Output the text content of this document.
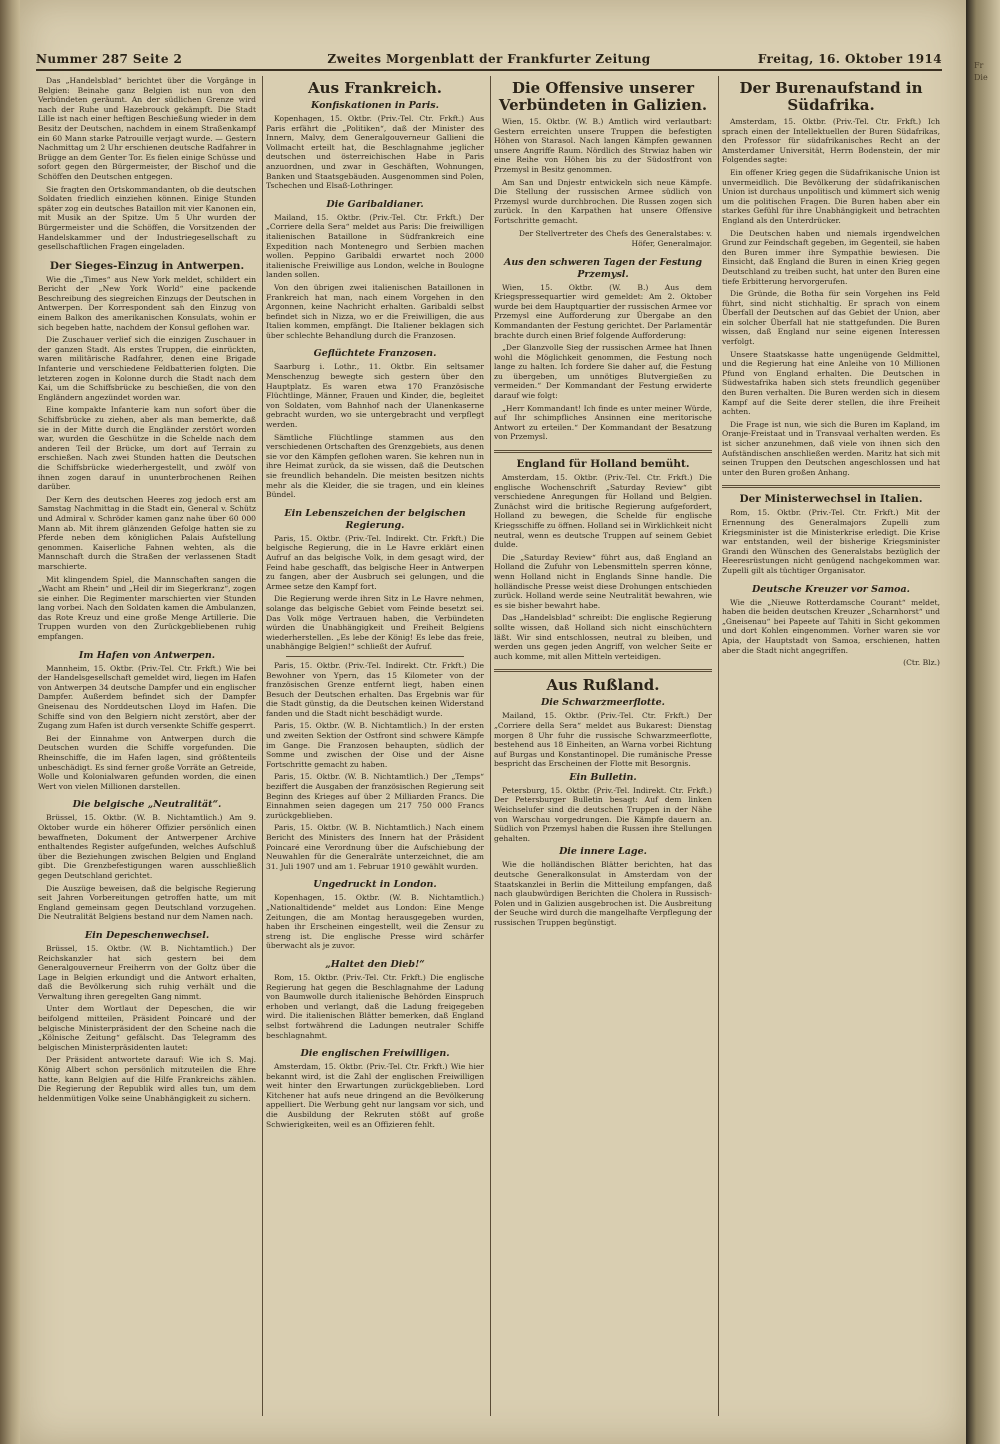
Fr Die
Nummer 287 Seite 2	Zweites Morgenblatt der Frankfurter Zeitung	Freitag, 16. Oktober 1914

Das „Handelsblad“ berichtet über die Vorgänge in Belgien: Beinahe ganz Belgien ist nun von den Verbündeten geräumt. An der südlichen Grenze wird nach der Ruhe und Hazebrouck gekämpft. Die Stadt Lille ist nach einer heftigen Beschießung wieder in dem Besitz der Deutschen, nachdem in einem Straßenkampf ein 60 Mann starke Patrouille verjagt wurde. — Gestern Nachmittag um 2 Uhr erschienen deutsche Radfahrer in Brügge an dem Genter Tor. Es fielen einige Schüsse und sofort gegen den Bürgermeister, der Bischof und die Schöffen den Deutschen entgegen.

Sie fragten den Ortskommandanten, ob die deutschen Soldaten friedlich einziehen können. Einige Stunden später zog ein deutsches Bataillon mit vier Kanonen ein, mit Musik an der Spitze. Um 5 Uhr wurden der Bürgermeister und die Schöffen, die Vorsitzenden der Handelskammer und der Industriegesellschaft zu gesellschaftlichen Fragen eingeladen.

Der Sieges-Einzug in Antwerpen.

Wie die „Times“ aus New York meldet, schildert ein Bericht der „New York World“ eine packende Beschreibung des siegreichen Einzugs der Deutschen in Antwerpen. Der Korrespondent sah den Einzug von einem Balkon des amerikanischen Konsulats, wohin er sich begeben hatte, nachdem der Konsul geflohen war.

Die Zuschauer verlief sich die einzigen Zuschauer in der ganzen Stadt. Als erstes Truppen, die einrückten, waren militärische Radfahrer, denen eine Brigade Infanterie und verschiedene Feldbatterien folgten. Die letzteren zogen in Kolonne durch die Stadt nach dem Kai, um die Schiffsbrücke zu beschießen, die von den Engländern angezündet worden war.

Eine kompakte Infanterie kam nun sofort über die Schiffsbrücke zu ziehen, aber als man bemerkte, daß sie in der Mitte durch die Engländer zerstört worden war, wurden die Geschütze in die Schelde nach dem anderen Teil der Brücke, um dort auf Terrain zu erschießen. Nach zwei Stunden hatten die Deutschen die Schiffsbrücke wiederhergestellt, und zwölf von ihnen zogen darauf in ununterbrochenen Reihen darüber.

Der Kern des deutschen Heeres zog jedoch erst am Samstag Nachmittag in die Stadt ein, General v. Schütz und Admiral v. Schröder kamen ganz nahe über 60 000 Mann ab. Mit ihrem glänzenden Gefolge hatten sie zu Pferde neben dem königlichen Palais Aufstellung genommen. Kaiserliche Fahnen wehten, als die Mannschaft durch die Straßen der verlassenen Stadt marschierte.

Mit klingendem Spiel, die Mannschaften sangen die „Wacht am Rhein“ und „Heil dir im Siegerkranz“, zogen sie einher. Die Regimenter marschierten vier Stunden lang vorbei. Nach den Soldaten kamen die Ambulanzen, das Rote Kreuz und eine große Menge Artillerie. Die Truppen wurden von den Zurückgebliebenen ruhig empfangen.

Im Hafen von Antwerpen.

Mannheim, 15. Oktbr. (Priv.-Tel. Ctr. Frkft.) Wie bei der Handelsgesellschaft gemeldet wird, liegen im Hafen von Antwerpen 34 deutsche Dampfer und ein englischer Dampfer. Außerdem befindet sich der Dampfer Gneisenau des Norddeutschen Lloyd im Hafen. Die Schiffe sind von den Belgiern nicht zerstört, aber der Zugang zum Hafen ist durch versenkte Schiffe gesperrt.

Bei der Einnahme von Antwerpen durch die Deutschen wurden die Schiffe vorgefunden. Die Rheinschiffe, die im Hafen lagen, sind größtenteils unbeschädigt. Es sind ferner große Vorräte an Getreide, Wolle und Kolonialwaren gefunden worden, die einen Wert von vielen Millionen darstellen.

Die belgische „Neutralität“.

Brüssel, 15. Oktbr. (W. B. Nichtamtlich.) Am 9. Oktober wurde ein höherer Offizier persönlich einen bewaffneten, Dokument der Antwerpener Archive enthaltendes Register aufgefunden, welches Aufschluß über die Beziehungen zwischen Belgien und England gibt. Die Grenzbefestigungen waren ausschließlich gegen Deutschland gerichtet.

Die Auszüge beweisen, daß die belgische Regierung seit Jahren Vorbereitungen getroffen hatte, um mit England gemeinsam gegen Deutschland vorzugehen. Die Neutralität Belgiens bestand nur dem Namen nach.

Ein Depeschenwechsel.

Brüssel, 15. Oktbr. (W. B. Nichtamtlich.) Der Reichskanzler hat sich gestern bei dem Generalgouverneur Freiherrn von der Goltz über die Lage in Belgien erkundigt und die Antwort erhalten, daß die Bevölkerung sich ruhig verhält und die Verwaltung ihren geregelten Gang nimmt.

Unter dem Wortlaut der Depeschen, die wir beifolgend mitteilen, Präsident Poincaré und der belgische Ministerpräsident der den Scheine nach die „Kölnische Zeitung“ gefälscht. Das Telegramm des belgischen Ministerpräsidenten lautet:

Der Präsident antwortete darauf: Wie ich S. Maj. König Albert schon persönlich mitzuteilen die Ehre hatte, kann Belgien auf die Hilfe Frankreichs zählen. Die Regierung der Republik wird alles tun, um dem heldenmütigen Volke seine Unabhängigkeit zu sichern.

Aus Frankreich.
Konfiskationen in Paris.

Kopenhagen, 15. Oktbr. (Priv.-Tel. Ctr. Frkft.) Aus Paris erfährt die „Politiken“, daß der Minister des Innern, Malvy, dem Generalgouverneur Gallieni die Vollmacht erteilt hat, die Beschlagnahme jeglicher deutschen und österreichischen Habe in Paris anzuordnen, und zwar in Geschäften, Wohnungen, Banken und Staatsgebäuden. Ausgenommen sind Polen, Tschechen und Elsaß-Lothringer.

Die Garibaldianer.

Mailand, 15. Oktbr. (Priv.-Tel. Ctr. Frkft.) Der „Corriere della Sera“ meldet aus Paris: Die freiwilligen italienischen Bataillone in Südfrankreich eine Expedition nach Montenegro und Serbien machen wollen. Peppino Garibaldi erwartet noch 2000 italienische Freiwillige aus London, welche in Boulogne landen sollen.

Von den übrigen zwei italienischen Bataillonen in Frankreich hat man, nach einem Vorgehen in den Argonnen, keine Nachricht erhalten. Garibaldi selbst befindet sich in Nizza, wo er die Freiwilligen, die aus Italien kommen, empfängt. Die Italiener beklagen sich über schlechte Behandlung durch die Franzosen.

Geflüchtete Franzosen.

Saarburg i. Lothr., 11. Oktbr. Ein seltsamer Menschenzug bewegte sich gestern über den Hauptplatz. Es waren etwa 170 Französische Flüchtlinge, Männer, Frauen und Kinder, die, begleitet von Soldaten, vom Bahnhof nach der Ulanenkaserne gebracht wurden, wo sie untergebracht und verpflegt werden.

Sämtliche Flüchtlinge stammen aus den verschiedenen Ortschaften des Grenzgebiets, aus denen sie vor den Kämpfen geflohen waren. Sie kehren nun in ihre Heimat zurück, da sie wissen, daß die Deutschen sie freundlich behandeln. Die meisten besitzen nichts mehr als die Kleider, die sie tragen, und ein kleines Bündel.

Ein Lebenszeichen der belgischen Regierung.

Paris, 15. Oktbr. (Priv.-Tel. Indirekt. Ctr. Frkft.) Die belgische Regierung, die in Le Havre erklärt einen Aufruf an das belgische Volk, in dem gesagt wird, der Feind habe geschafft, das belgische Heer in Antwerpen zu fangen, aber der Ausbruch sei gelungen, und die Armee setze den Kampf fort.

Die Regierung werde ihren Sitz in Le Havre nehmen, solange das belgische Gebiet vom Feinde besetzt sei. Das Volk möge Vertrauen haben, die Verbündeten würden die Unabhängigkeit und Freiheit Belgiens wiederherstellen. „Es lebe der König! Es lebe das freie, unabhängige Belgien!“ schließt der Aufruf.

Paris, 15. Oktbr. (Priv.-Tel. Indirekt. Ctr. Frkft.) Die Bewohner von Ypern, das 15 Kilometer von der französischen Grenze entfernt liegt, haben einen Besuch der Deutschen erhalten. Das Ergebnis war für die Stadt günstig, da die Deutschen keinen Widerstand fanden und die Stadt nicht beschädigt wurde.

Paris, 15. Oktbr. (W. B. Nichtamtlich.) In der ersten und zweiten Sektion der Ostfront sind schwere Kämpfe im Gange. Die Franzosen behaupten, südlich der Somme und zwischen der Oise und der Aisne Fortschritte gemacht zu haben.

Paris, 15. Oktbr. (W. B. Nichtamtlich.) Der „Temps“ beziffert die Ausgaben der französischen Regierung seit Beginn des Krieges auf über 2 Milliarden Francs. Die Einnahmen seien dagegen um 217 750 000 Francs zurückgeblieben.

Paris, 15. Oktbr. (W. B. Nichtamtlich.) Nach einem Bericht des Ministers des Innern hat der Präsident Poincaré eine Verordnung über die Aufschiebung der Neuwahlen für die Generalräte unterzeichnet, die am 31. Juli 1907 und am 1. Februar 1910 gewählt wurden.

Ungedruckt in London.

Kopenhagen, 15. Oktbr. (W. B. Nichtamtlich.) „Nationaltidende“ meldet aus London: Eine Menge Zeitungen, die am Montag herausgegeben wurden, haben ihr Erscheinen eingestellt, weil die Zensur zu streng ist. Die englische Presse wird schärfer überwacht als je zuvor.

„Haltet den Dieb!“

Rom, 15. Oktbr. (Priv.-Tel. Ctr. Frkft.) Die englische Regierung hat gegen die Beschlagnahme der Ladung von Baumwolle durch italienische Behörden Einspruch erhoben und verlangt, daß die Ladung freigegeben wird. Die italienischen Blätter bemerken, daß England selbst fortwährend die Ladungen neutraler Schiffe beschlagnahmt.

Die englischen Freiwilligen.

Amsterdam, 15. Oktbr. (Priv.-Tel. Ctr. Frkft.) Wie hier bekannt wird, ist die Zahl der englischen Freiwilligen weit hinter den Erwartungen zurückgeblieben. Lord Kitchener hat aufs neue dringend an die Bevölkerung appelliert. Die Werbung geht nur langsam vor sich, und die Ausbildung der Rekruten stößt auf große Schwierigkeiten, weil es an Offizieren fehlt.

Die Offensive unserer Verbündeten in Galizien.

Wien, 15. Oktbr. (W. B.) Amtlich wird verlautbart: Gestern erreichten unsere Truppen die befestigten Höhen von Starasol. Nach langen Kämpfen gewannen unsere Angriffe Raum. Nördlich des Strwiaz haben wir eine Reihe von Höhen bis zu der Südostfront von Przemysl in Besitz genommen.

Am San und Dnjestr entwickeln sich neue Kämpfe. Die Stellung der russischen Armee südlich von Przemysl wurde durchbrochen. Die Russen zogen sich zurück. In den Karpathen hat unsere Offensive Fortschritte gemacht.

Der Stellvertreter des Chefs des Generalstabes: v. Höfer, Generalmajor.

Aus den schweren Tagen der Festung Przemysl.

Wien, 15. Oktbr. (W. B.) Aus dem Kriegspressequartier wird gemeldet: Am 2. Oktober wurde bei dem Hauptquartier der russischen Armee vor Przemysl eine Aufforderung zur Übergabe an den Kommandanten der Festung gerichtet. Der Parlamentär brachte durch einen Brief folgende Aufforderung:

„Der Glanzvolle Sieg der russischen Armee hat Ihnen wohl die Möglichkeit genommen, die Festung noch lange zu halten. Ich fordere Sie daher auf, die Festung zu übergeben, um unnötiges Blutvergießen zu vermeiden.“ Der Kommandant der Festung erwiderte darauf wie folgt:

„Herr Kommandant! Ich finde es unter meiner Würde, auf Ihr schimpfliches Ansinnen eine meritorische Antwort zu erteilen.“ Der Kommandant der Besatzung von Przemysl.

England für Holland bemüht.

Amsterdam, 15. Oktbr. (Priv.-Tel. Ctr. Frkft.) Die englische Wochenschrift „Saturday Review“ gibt verschiedene Anregungen für Holland und Belgien. Zunächst wird die britische Regierung aufgefordert, Holland zu bewegen, die Schelde für englische Kriegsschiffe zu öffnen. Holland sei in Wirklichkeit nicht neutral, wenn es deutsche Truppen auf seinem Gebiet dulde.

Die „Saturday Review“ führt aus, daß England an Holland die Zufuhr von Lebensmitteln sperren könne, wenn Holland nicht in Englands Sinne handle. Die holländische Presse weist diese Drohungen entschieden zurück. Holland werde seine Neutralität bewahren, wie es sie bisher bewahrt habe.

Das „Handelsblad“ schreibt: Die englische Regierung sollte wissen, daß Holland sich nicht einschüchtern läßt. Wir sind entschlossen, neutral zu bleiben, und werden uns gegen jeden Angriff, von welcher Seite er auch komme, mit allen Mitteln verteidigen.

Aus Rußland.
Die Schwarzmeerflotte.

Mailand, 15. Oktbr. (Priv.-Tel. Ctr. Frkft.) Der „Corriere della Sera“ meldet aus Bukarest: Dienstag morgen 8 Uhr fuhr die russische Schwarzmeerflotte, bestehend aus 18 Einheiten, an Warna vorbei Richtung auf Burgas und Konstantinopel. Die rumänische Presse bespricht das Erscheinen der Flotte mit Besorgnis.

Ein Bulletin.

Petersburg, 15. Oktbr. (Priv.-Tel. Indirekt. Ctr. Frkft.) Der Petersburger Bulletin besagt: Auf dem linken Weichselufer sind die deutschen Truppen in der Nähe von Warschau vorgedrungen. Die Kämpfe dauern an. Südlich von Przemysl haben die Russen ihre Stellungen gehalten.

Die innere Lage.

Wie die holländischen Blätter berichten, hat das deutsche Generalkonsulat in Amsterdam von der Staatskanzlei in Berlin die Mitteilung empfangen, daß nach glaubwürdigen Berichten die Cholera in Russisch-Polen und in Galizien ausgebrochen ist. Die Ausbreitung der Seuche wird durch die mangelhafte Verpflegung der russischen Truppen begünstigt.

Der Burenaufstand in Südafrika.

Amsterdam, 15. Oktbr. (Priv.-Tel. Ctr. Frkft.) Ich sprach einen der Intellektuellen der Buren Südafrikas, den Professor für südafrikanisches Recht an der Amsterdamer Universität, Herrn Bodenstein, der mir Folgendes sagte:

Ein offener Krieg gegen die Südafrikanische Union ist unvermeidlich. Die Bevölkerung der südafrikanischen Union ist durchaus unpolitisch und kümmert sich wenig um die politischen Fragen. Die Buren haben aber ein starkes Gefühl für ihre Unabhängigkeit und betrachten England als den Unterdrücker.

Die Deutschen haben und niemals irgendwelchen Grund zur Feindschaft gegeben, im Gegenteil, sie haben den Buren immer ihre Sympathie bewiesen. Die Einsicht, daß England die Buren in einen Krieg gegen Deutschland zu treiben sucht, hat unter den Buren eine tiefe Erbitterung hervorgerufen.

Die Gründe, die Botha für sein Vorgehen ins Feld führt, sind nicht stichhaltig. Er sprach von einem Überfall der Deutschen auf das Gebiet der Union, aber ein solcher Überfall hat nie stattgefunden. Die Buren wissen, daß England nur seine eigenen Interessen verfolgt.

Unsere Staatskasse hatte ungenügende Geldmittel, und die Regierung hat eine Anleihe von 10 Millionen Pfund von England erhalten. Die Deutschen in Südwestafrika haben sich stets freundlich gegenüber den Buren verhalten. Die Buren werden sich in diesem Kampf auf die Seite derer stellen, die ihre Freiheit achten.

Die Frage ist nun, wie sich die Buren im Kapland, im Oranje-Freistaat und in Transvaal verhalten werden. Es ist sicher anzunehmen, daß viele von ihnen sich den Aufständischen anschließen werden. Maritz hat sich mit seinen Truppen den Deutschen angeschlossen und hat unter den Buren großen Anhang.

Der Ministerwechsel in Italien.

Rom, 15. Oktbr. (Priv.-Tel. Ctr. Frkft.) Mit der Ernennung des Generalmajors Zupelli zum Kriegsminister ist die Ministerkrise erledigt. Die Krise war entstanden, weil der bisherige Kriegsminister Grandi den Wünschen des Generalstabs bezüglich der Heeresrüstungen nicht genügend nachgekommen war. Zupelli gilt als tüchtiger Organisator.

Deutsche Kreuzer vor Samoa.

Wie die „Nieuwe Rotterdamsche Courant“ meldet, haben die beiden deutschen Kreuzer „Scharnhorst“ und „Gneisenau“ bei Papeete auf Tahiti in Sicht gekommen und dort Kohlen eingenommen. Vorher waren sie vor Apia, der Hauptstadt von Samoa, erschienen, hatten aber die Stadt nicht angegriffen.

(Ctr. Blz.)
